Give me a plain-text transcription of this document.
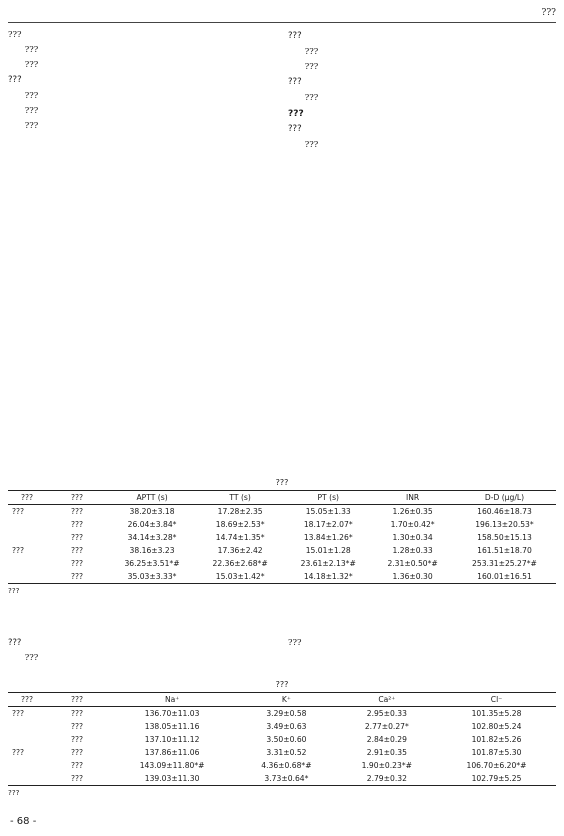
???

???

???

???

???

???

???

???

???

???

???

???

???

???

???

???

???
???	???	APTT (s)	TT (s)	PT (s)	INR	D-D (μg/L)
???	???	38.20±3.18	17.28±2.35	15.05±1.33	1.26±0.35	160.46±18.73
	???	26.04±3.84*	18.69±2.53*	18.17±2.07*	1.70±0.42*	196.13±20.53*
	???	34.14±3.28*	14.74±1.35*	13.84±1.26*	1.30±0.34	158.50±15.13
???	???	38.16±3.23	17.36±2.42	15.01±1.28	1.28±0.33	161.51±18.70
	???	36.25±3.51*#	22.36±2.68*#	23.61±2.13*#	2.31±0.50*#	253.31±25.27*#
	???	35.03±3.33*	15.03±1.42*	14.18±1.32*	1.36±0.30	160.01±16.51
???

???

???

???

???
???	???	Na⁺	K⁺	Ca²⁺	Cl⁻
???	???	136.70±11.03	3.29±0.58	2.95±0.33	101.35±5.28
	???	138.05±11.16	3.49±0.63	2.77±0.27*	102.80±5.24
	???	137.10±11.12	3.50±0.60	2.84±0.29	101.82±5.26
???	???	137.86±11.06	3.31±0.52	2.91±0.35	101.87±5.30
	???	143.09±11.80*#	4.36±0.68*#	1.90±0.23*#	106.70±6.20*#
	???	139.03±11.30	3.73±0.64*	2.79±0.32	102.79±5.25
???
- 68 -
